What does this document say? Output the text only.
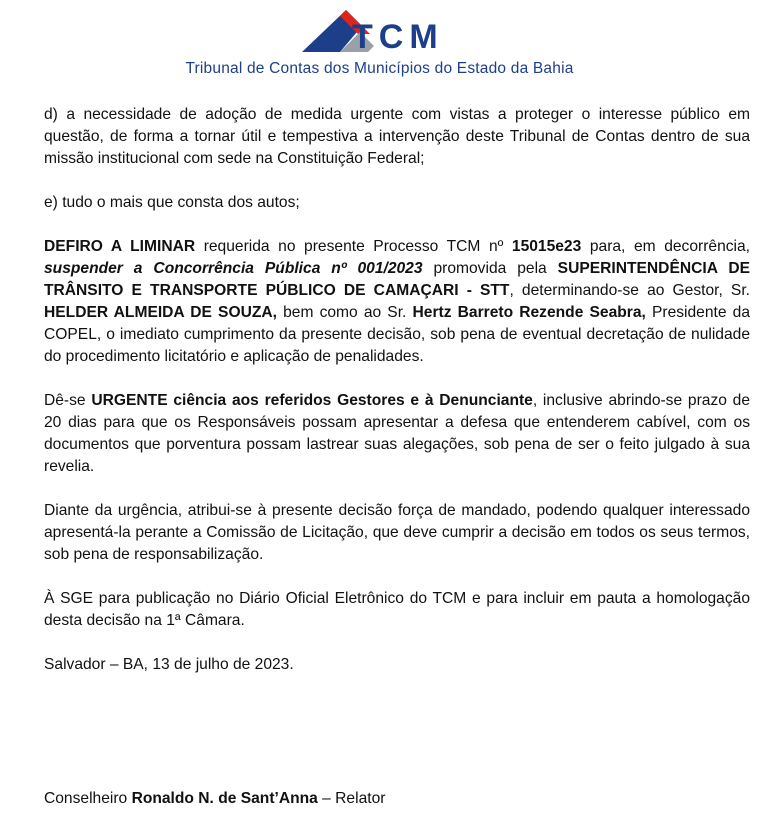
TCM
Tribunal de Contas dos Municípios do Estado da Bahia

d) a necessidade de adoção de medida urgente com vistas a proteger o interesse público em questão, de forma a tornar útil e tempestiva a intervenção deste Tribunal de Contas dentro de sua missão institucional com sede na Constituição Federal;

e) tudo o mais que consta dos autos;

DEFIRO A LIMINAR requerida no presente Processo TCM nº 15015e23 para, em decorrência, suspender a Concorrência Pública nº 001/2023 promovida pela SUPERINTENDÊNCIA DE TRÂNSITO E TRANSPORTE PÚBLICO DE CAMAÇARI - STT, determinando-se ao Gestor, Sr. HELDER ALMEIDA DE SOUZA, bem como ao Sr. Hertz Barreto Rezende Seabra, Presidente da COPEL, o imediato cumprimento da presente decisão, sob pena de eventual decretação de nulidade do procedimento licitatório e aplicação de penalidades.

Dê-se URGENTE ciência aos referidos Gestores e à Denunciante, inclusive abrindo-se prazo de 20 dias para que os Responsáveis possam apresentar a defesa que entenderem cabível, com os documentos que porventura possam lastrear suas alegações, sob pena de ser o feito julgado à sua revelia.

Diante da urgência, atribui-se à presente decisão força de mandado, podendo qualquer interessado apresentá-la perante a Comissão de Licitação, que deve cumprir a decisão em todos os seus termos, sob pena de responsabilização.

À SGE para publicação no Diário Oficial Eletrônico do TCM e para incluir em pauta a homologação desta decisão na 1ª Câmara.

Salvador – BA, 13 de julho de 2023.

Conselheiro Ronaldo N. de Sant’Anna – Relator
